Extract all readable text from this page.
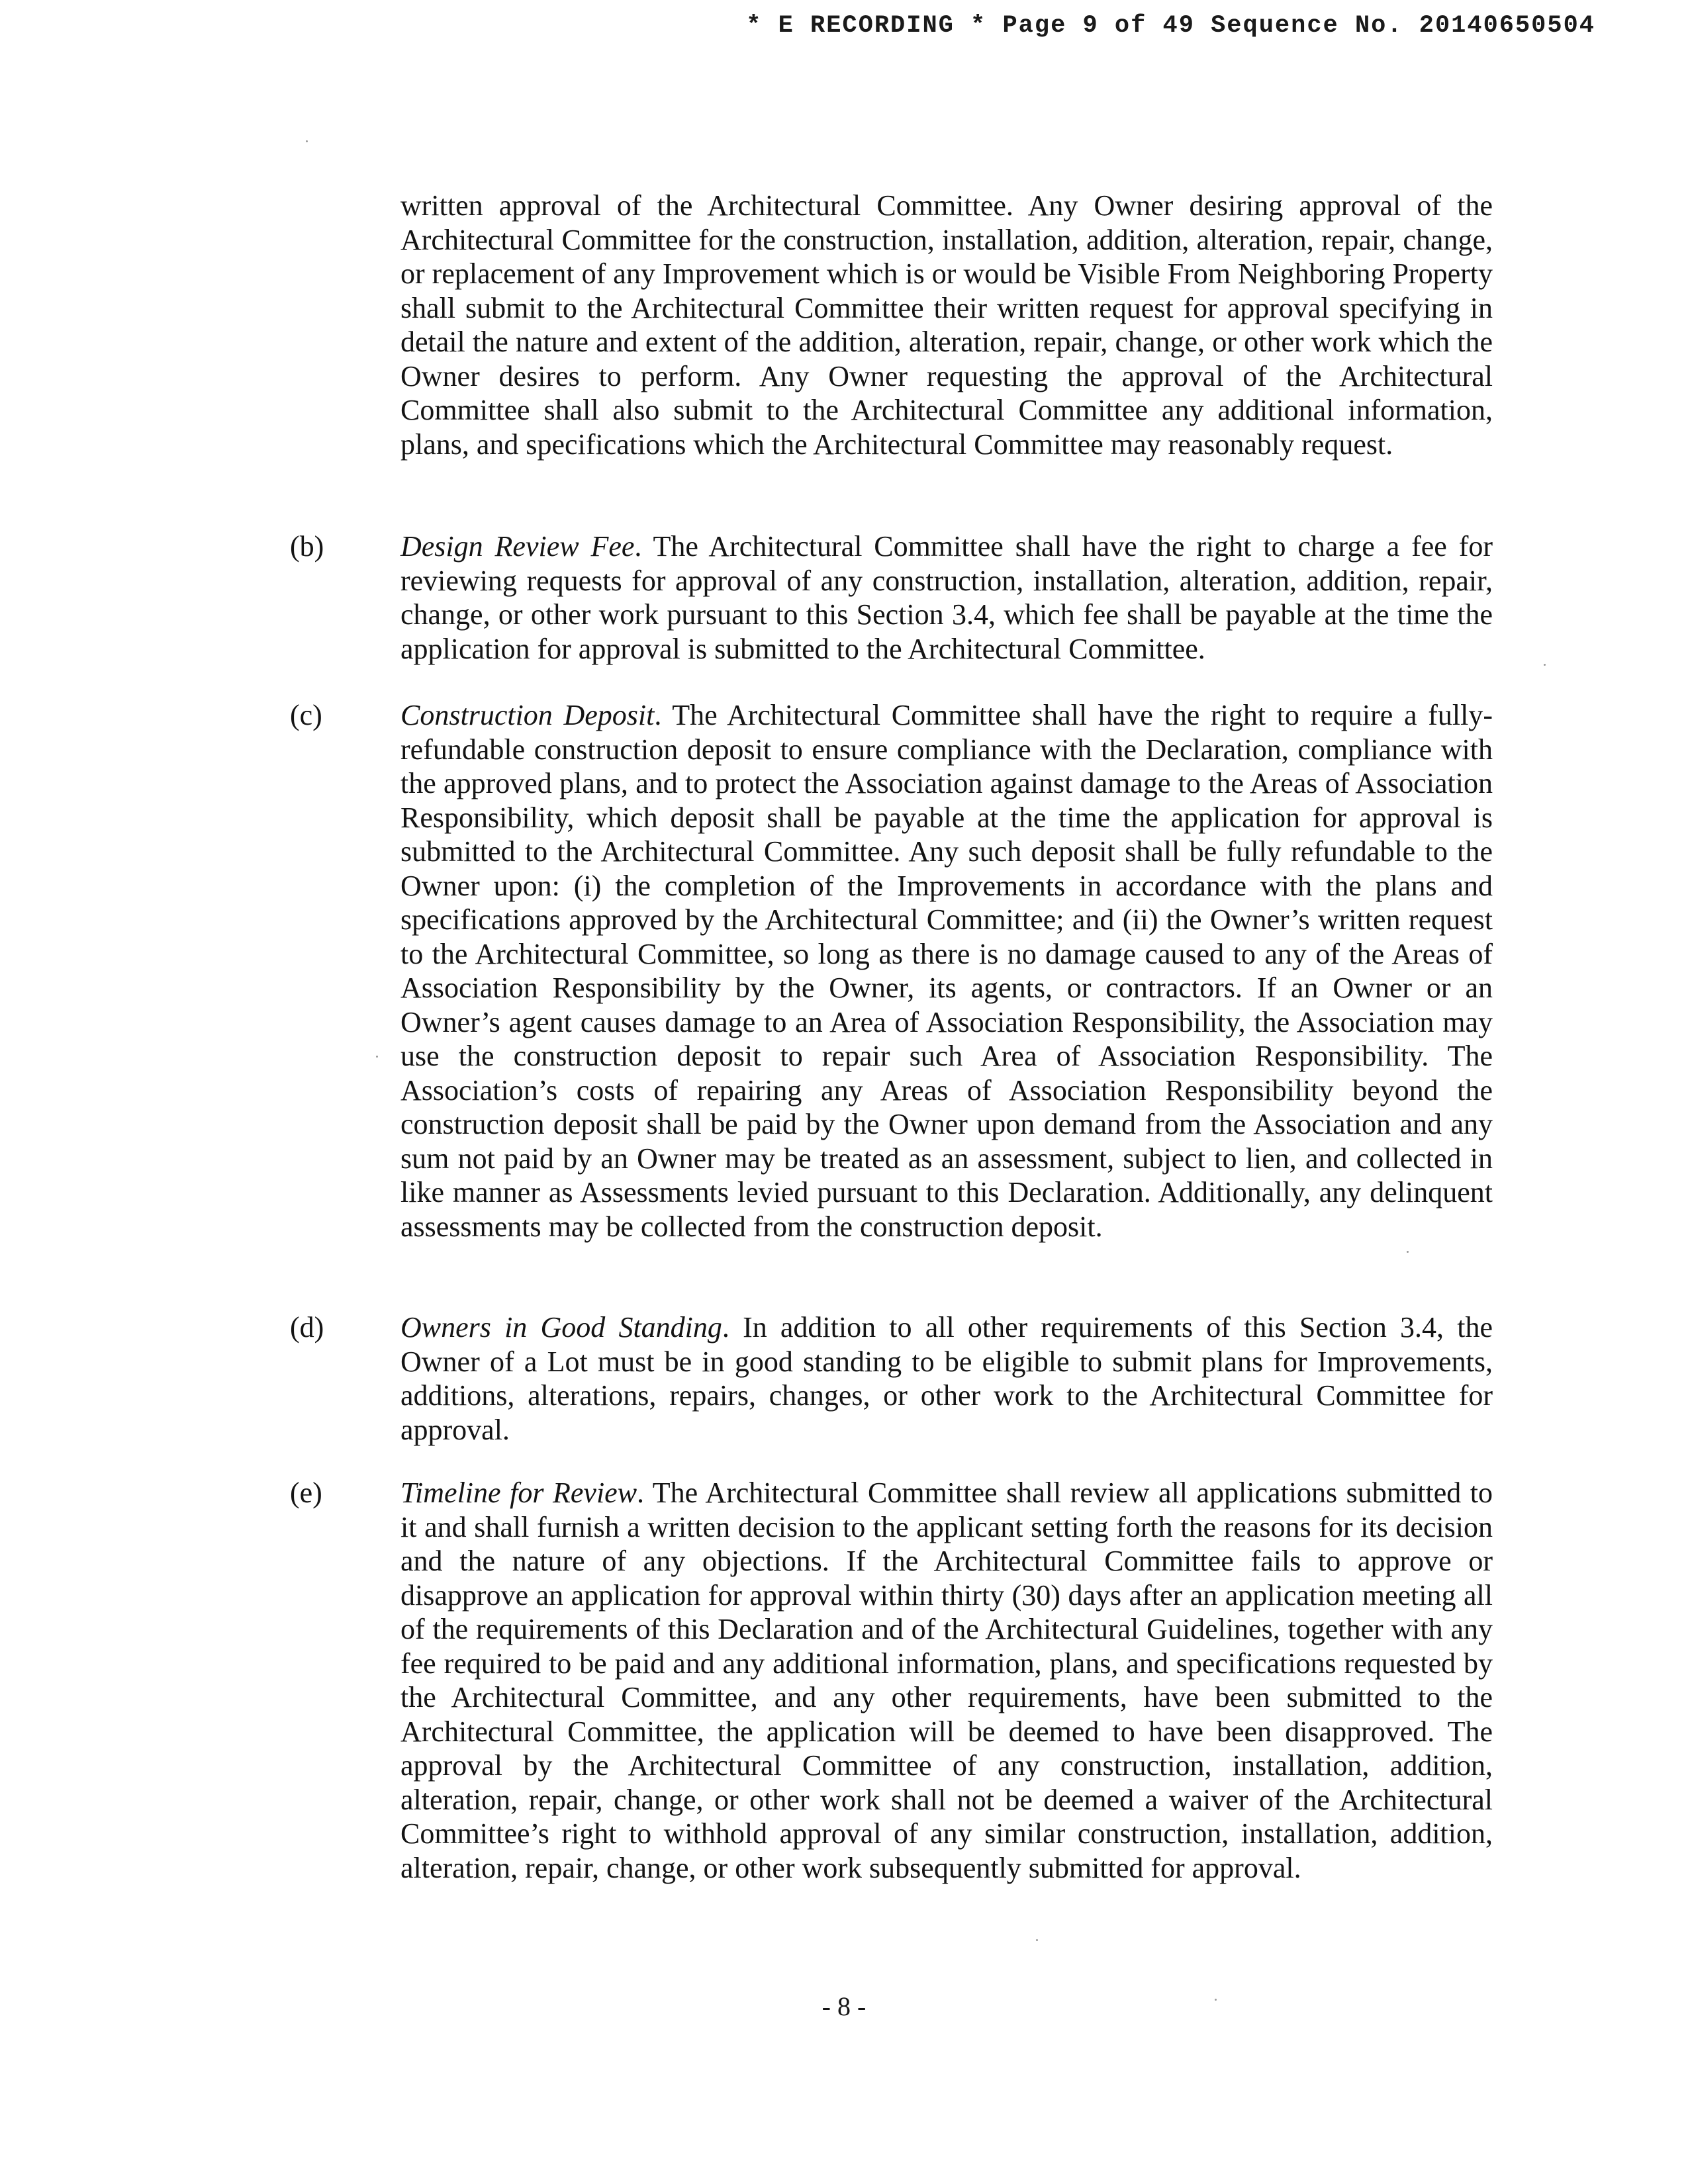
* E RECORDING * Page 9 of 49 Sequence No. 20140650504

written approval of the Architectural Committee. Any Owner desiring approval of the Architectural Committee for the construction, installation, addition, alteration, repair, change, or replacement of any Improvement which is or would be Visible From Neighboring Property shall submit to the Architectural Committee their written request for approval specifying in detail the nature and extent of the addition, alteration, repair, change, or other work which the Owner desires to perform. Any Owner requesting the approval of the Architectural Committee shall also submit to the Architectural Committee any additional information, plans, and specifications which the Architectural Committee may reasonably request.

(b)	Design Review Fee. The Architectural Committee shall have the right to charge a fee for reviewing requests for approval of any construction, installation, alteration, addition, repair, change, or other work pursuant to this Section 3.4, which fee shall be payable at the time the application for approval is submitted to the Architectural Committee.

(c)	Construction Deposit. The Architectural Committee shall have the right to require a fully-refundable construction deposit to ensure compliance with the Declaration, compliance with the approved plans, and to protect the Association against damage to the Areas of Association Responsibility, which deposit shall be payable at the time the application for approval is submitted to the Architectural Committee. Any such deposit shall be fully refundable to the Owner upon: (i) the completion of the Improvements in accordance with the plans and specifications approved by the Architectural Committee; and (ii) the Owner’s written request to the Architectural Committee, so long as there is no damage caused to any of the Areas of Association Responsibility by the Owner, its agents, or contractors. If an Owner or an Owner’s agent causes damage to an Area of Association Responsibility, the Association may use the construction deposit to repair such Area of Association Responsibility. The Association’s costs of repairing any Areas of Association Responsibility beyond the construction deposit shall be paid by the Owner upon demand from the Association and any sum not paid by an Owner may be treated as an assessment, subject to lien, and collected in like manner as Assessments levied pursuant to this Declaration. Additionally, any delinquent assessments may be collected from the construction deposit.

(d)	Owners in Good Standing. In addition to all other requirements of this Section 3.4, the Owner of a Lot must be in good standing to be eligible to submit plans for Improvements, additions, alterations, repairs, changes, or other work to the Architectural Committee for approval.

(e)	Timeline for Review. The Architectural Committee shall review all applications submitted to it and shall furnish a written decision to the applicant setting forth the reasons for its decision and the nature of any objections. If the Architectural Committee fails to approve or disapprove an application for approval within thirty (30) days after an application meeting all of the requirements of this Declaration and of the Architectural Guidelines, together with any fee required to be paid and any additional information, plans, and specifications requested by the Architectural Committee, and any other requirements, have been submitted to the Architectural Committee, the application will be deemed to have been disapproved. The approval by the Architectural Committee of any construction, installation, addition, alteration, repair, change, or other work shall not be deemed a waiver of the Architectural Committee’s right to withhold approval of any similar construction, installation, addition, alteration, repair, change, or other work subsequently submitted for approval.

- 8 -
